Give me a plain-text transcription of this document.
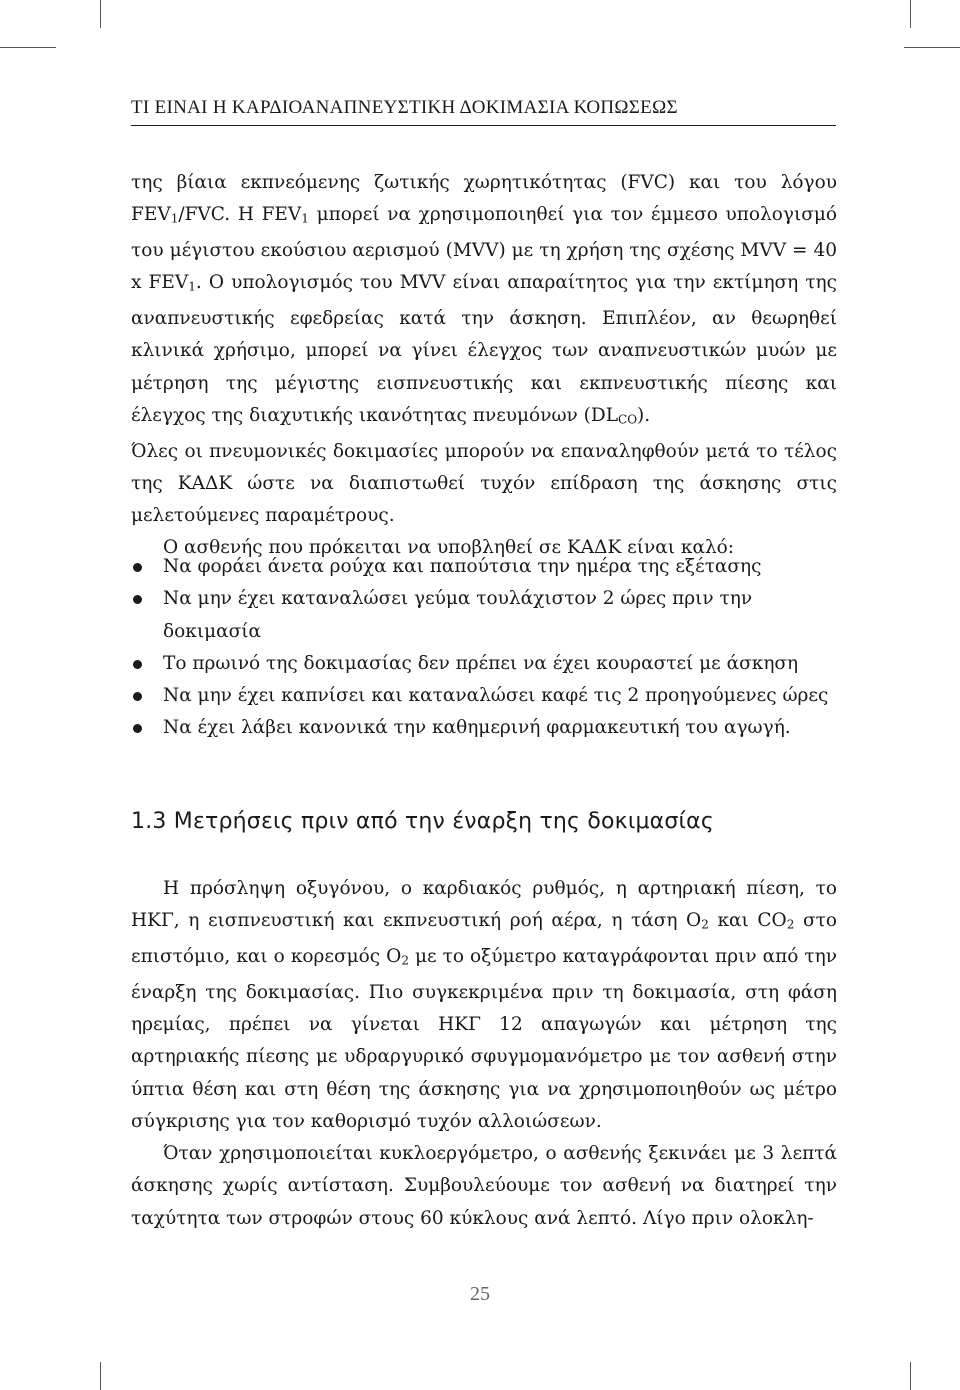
ΤΙ ΕΙΝΑΙ Η ΚΑΡΔΙΟΑΝΑΠΝΕΥΣΤΙΚΗ ΔΟΚΙΜΑΣΙΑ ΚΟΠΩΣΕΩΣ

της βίαια εκπνεόμενης ζωτικής χωρητικότητας (FVC) και του λόγου $FEV_1$/FVC. Η $FEV_1$ μπορεί να χρησιμοποιηθεί για τον έμμεσο υπολογισμό του μέγιστου εκούσιου αερισμού (MVV) με τη χρήση της σχέσης MVV = 40 x $FEV_1$. Ο υπολογισμός του MVV είναι απαραίτητος για την εκτίμηση της αναπνευστικής εφεδρείας κατά την άσκηση. Επιπλέον, αν θεωρηθεί κλινικά χρήσιμο, μπορεί να γίνει έλεγχος των αναπνευστικών μυών με μέτρηση της μέγιστης εισπνευστικής και εκπνευστικής πίεσης και έλεγχος της διαχυτικής ικανότητας πνευμόνων $(DL_{CO})$.

Όλες οι πνευμονικές δοκιμασίες μπορούν να επαναληφθούν μετά το τέλος της ΚΑΔΚ ώστε να διαπιστωθεί τυχόν επίδραση της άσκησης στις μελετούμενες παραμέτρους.

Ο ασθενής που πρόκειται να υποβληθεί σε ΚΑΔΚ είναι καλό:

Να φοράει άνετα ρούχα και παπούτσια την ημέρα της εξέτασης
Να μην έχει καταναλώσει γεύμα τουλάχιστον 2 ώρες πριν την δοκιμασία
Το πρωινό της δοκιμασίας δεν πρέπει να έχει κουραστεί με άσκηση
Να μην έχει καπνίσει και καταναλώσει καφέ τις 2 προηγούμενες ώρες
Να έχει λάβει κανονικά την καθημερινή φαρμακευτική του αγωγή.
1.3 Μετρήσεις πριν από την έναρξη της δοκιμασίας

Η πρόσληψη οξυγόνου, ο καρδιακός ρυθμός, η αρτηριακή πίεση, το ΗΚΓ, η εισπνευστική και εκπνευστική ροή αέρα, η τάση $O_2$ και $CO_2$ στο επιστόμιο, και ο κορεσμός $O_2$ με το οξύμετρο καταγράφονται πριν από την έναρξη της δοκιμασίας. Πιο συγκεκριμένα πριν τη δοκιμασία, στη φάση ηρεμίας, πρέπει να γίνεται ΗΚΓ 12 απαγωγών και μέτρηση της αρτηριακής πίεσης με υδραργυρικό σφυγμομανόμετρο με τον ασθενή στην ύπτια θέση και στη θέση της άσκησης για να χρησιμοποιηθούν ως μέτρο σύγκρισης για τον καθορισμό τυχόν αλλοιώσεων.

Όταν χρησιμοποιείται κυκλοεργόμετρο, ο ασθενής ξεκινάει με 3 λεπτά άσκησης χωρίς αντίσταση. Συμβουλεύουμε τον ασθενή να διατηρεί την ταχύτητα των στροφών στους 60 κύκλους ανά λεπτό. Λίγο πριν ολοκλη-

25
